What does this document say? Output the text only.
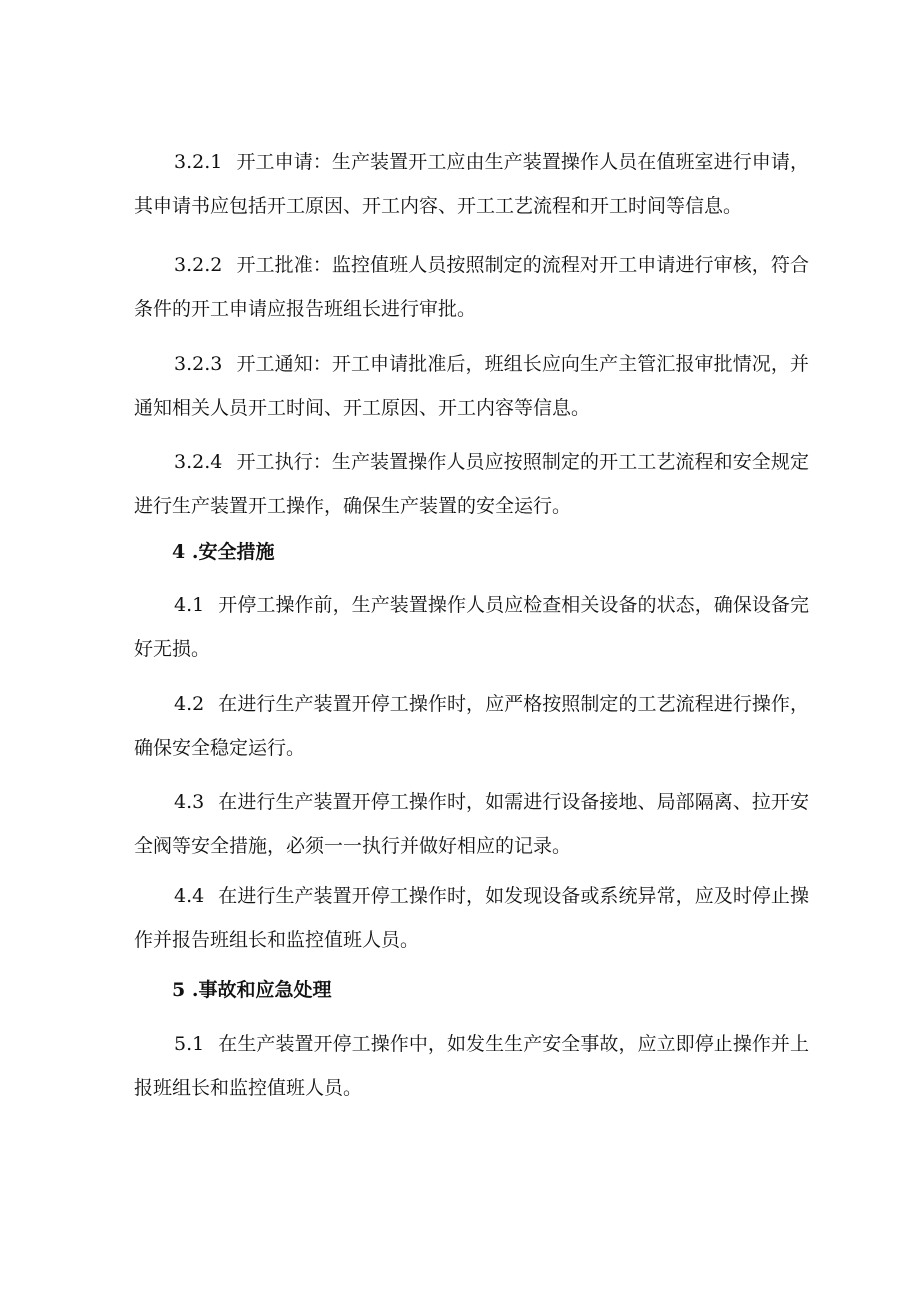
3.2.1 开工申请：生产装置开工应由生产装置操作人员在值班室进行申请，其申请书应包括开工原因、开工内容、开工工艺流程和开工时间等信息。

3.2.2 开工批准：监控值班人员按照制定的流程对开工申请进行审核，符合条件的开工申请应报告班组长进行审批。

3.2.3 开工通知：开工申请批准后，班组长应向生产主管汇报审批情况，并通知相关人员开工时间、开工原因、开工内容等信息。

3.2.4 开工执行：生产装置操作人员应按照制定的开工工艺流程和安全规定进行生产装置开工操作，确保生产装置的安全运行。

4 .安全措施

4.1 开停工操作前，生产装置操作人员应检查相关设备的状态，确保设备完好无损。

4.2 在进行生产装置开停工操作时，应严格按照制定的工艺流程进行操作，确保安全稳定运行。

4.3 在进行生产装置开停工操作时，如需进行设备接地、局部隔离、拉开安全阀等安全措施，必须一一执行并做好相应的记录。

4.4 在进行生产装置开停工操作时，如发现设备或系统异常，应及时停止操作并报告班组长和监控值班人员。

5 .事故和应急处理

5.1 在生产装置开停工操作中，如发生生产安全事故，应立即停止操作并上报班组长和监控值班人员。
